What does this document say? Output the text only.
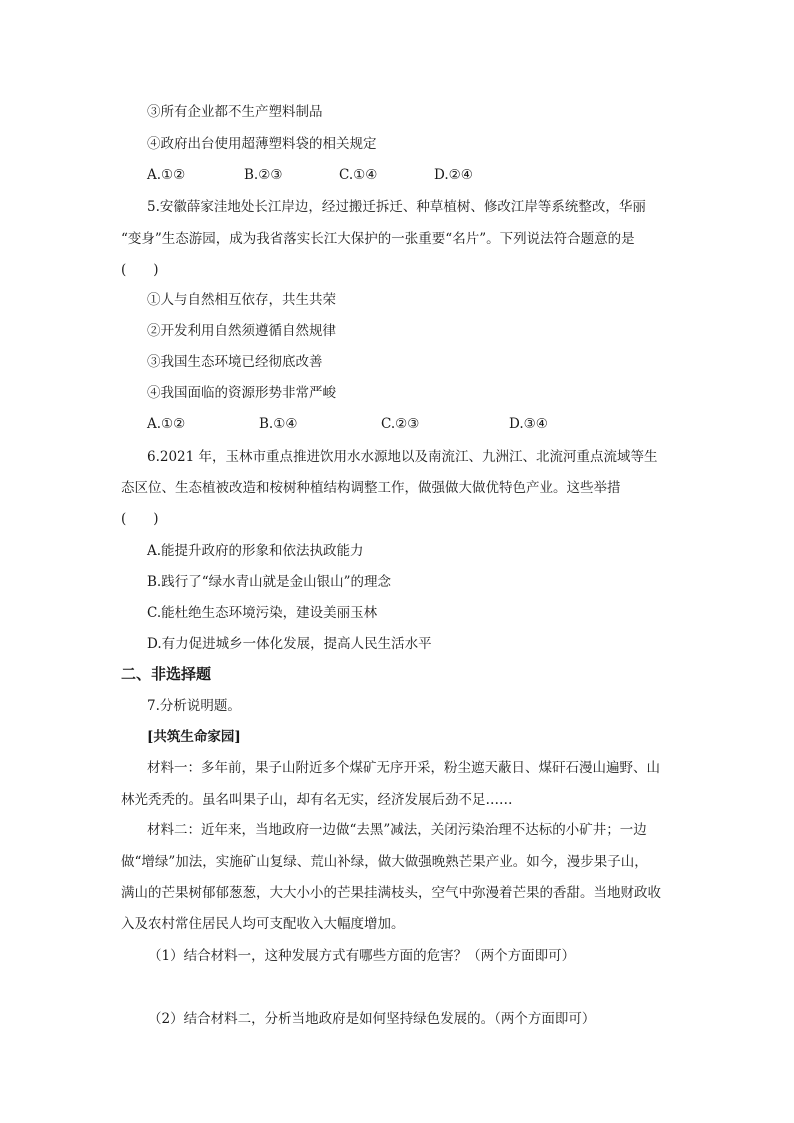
③所有企业都不生产塑料制品
④政府出台使用超薄塑料袋的相关规定
A.①②	B.②③	C.①④	D.②④
5.安徽薛家洼地处长江岸边，经过搬迁拆迁、种草植树、修改江岸等系统整改，华丽
“变身”生态游园，成为我省落实长江大保护的一张重要“名片”。下列说法符合题意的是
(　　)
①人与自然相互依存，共生共荣
②开发利用自然须遵循自然规律
③我国生态环境已经彻底改善
④我国面临的资源形势非常严峻
A.①②	B.①④	C.②③	D.③④
6.2021 年，玉林市重点推进饮用水水源地以及南流江、九洲江、北流河重点流域等生
态区位、生态植被改造和桉树种植结构调整工作，做强做大做优特色产业。这些举措
(　　)
A.能提升政府的形象和依法执政能力
B.践行了“绿水青山就是金山银山”的理念
C.能杜绝生态环境污染，建设美丽玉林
D.有力促进城乡一体化发展，提高人民生活水平
二、非选择题
7.分析说明题。
[共筑生命家园]
材料一：多年前，果子山附近多个煤矿无序开采，粉尘遮天蔽日、煤矸石漫山遍野、山
林光秃秃的。虽名叫果子山，却有名无实，经济发展后劲不足……
材料二：近年来，当地政府一边做“去黑”减法，关闭污染治理不达标的小矿井；一边
做“增绿”加法，实施矿山复绿、荒山补绿，做大做强晚熟芒果产业。如今，漫步果子山，
满山的芒果树郁郁葱葱，大大小小的芒果挂满枝头，空气中弥漫着芒果的香甜。当地财政收
入及农村常住居民人均可支配收入大幅度增加。
（1）结合材料一，这种发展方式有哪些方面的危害？（两个方面即可）
（2）结合材料二，分析当地政府是如何坚持绿色发展的。（两个方面即可）
